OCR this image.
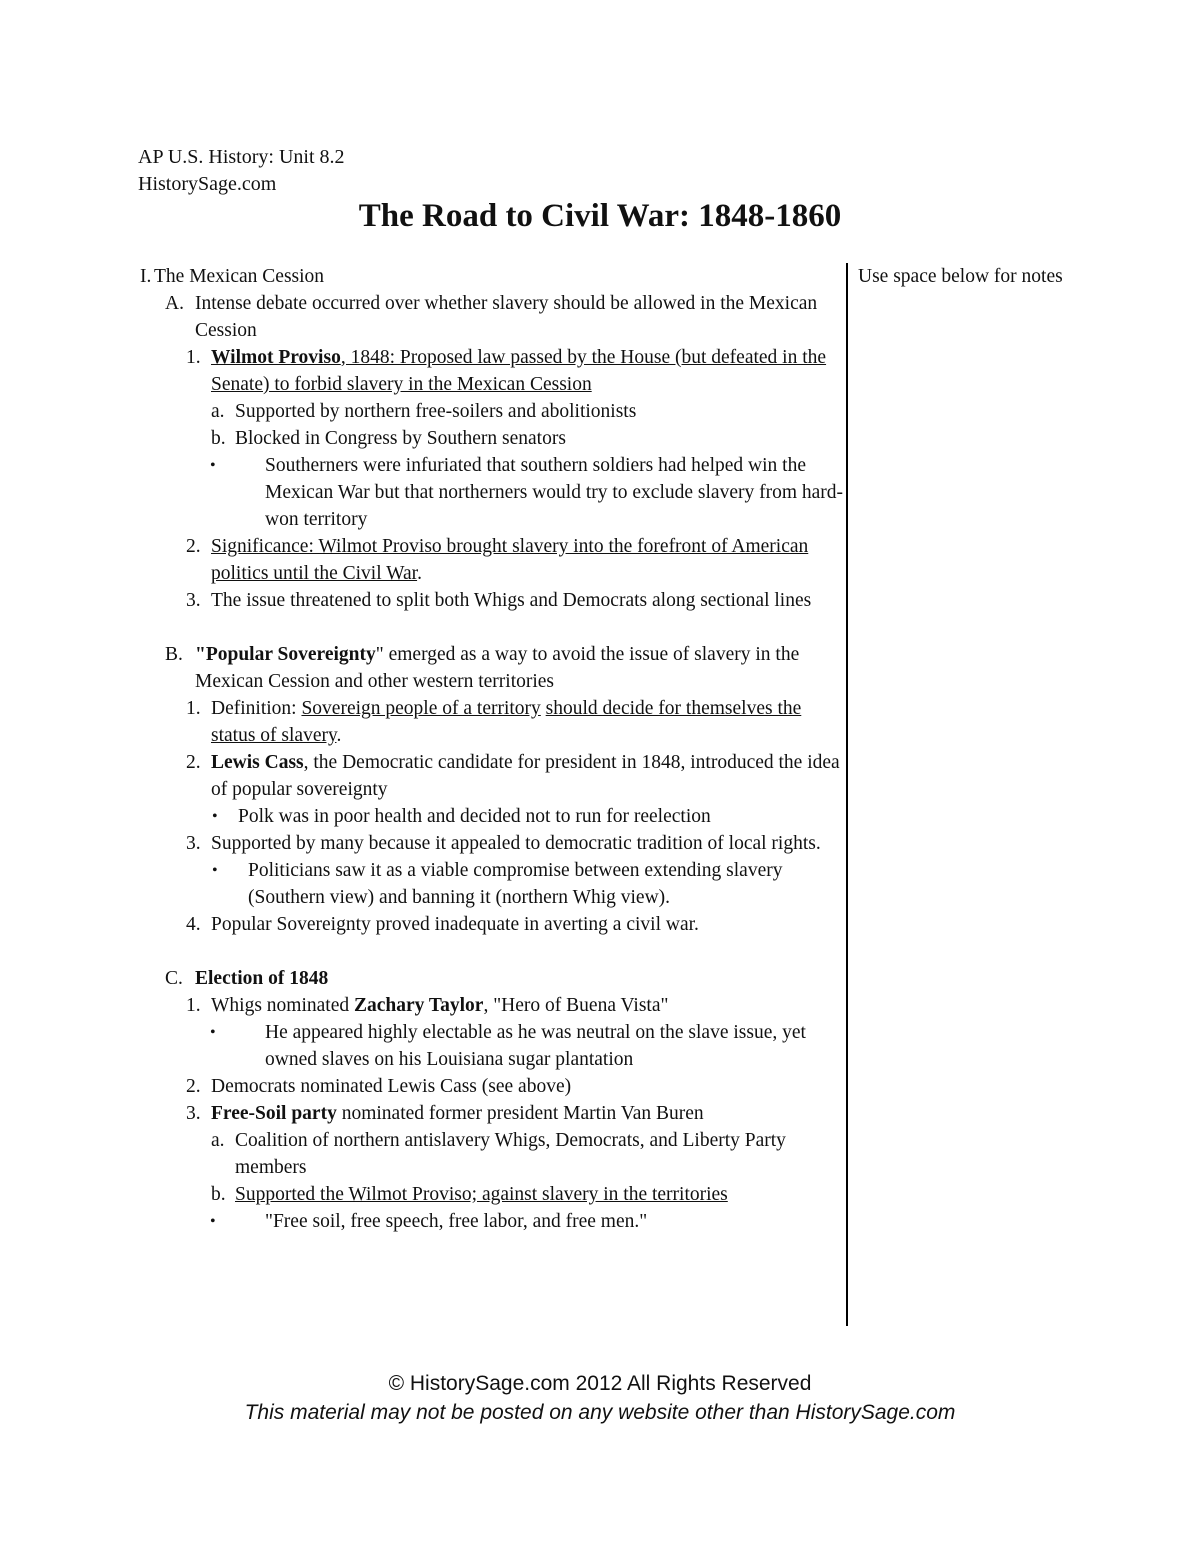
AP U.S. History: Unit 8.2
HistorySage.com
The Road to Civil War: 1848-1860
I. The Mexican Cession
A. Intense debate occurred over whether slavery should be allowed in the Mexican Cession
1. Wilmot Proviso, 1848: Proposed law passed by the House (but defeated in the Senate) to forbid slavery in the Mexican Cession
a. Supported by northern free-soilers and abolitionists
b. Blocked in Congress by Southern senators
•	Southerners were infuriated that southern soldiers had helped win the Mexican War but that northerners would try to exclude slavery from hard-won territory
2. Significance: Wilmot Proviso brought slavery into the forefront of American politics until the Civil War.
3. The issue threatened to split both Whigs and Democrats along sectional lines
B. "Popular Sovereignty" emerged as a way to avoid the issue of slavery in the Mexican Cession and other western territories
1. Definition: Sovereign people of a territory should decide for themselves the status of slavery.
2. Lewis Cass, the Democratic candidate for president in 1848, introduced the idea of popular sovereignty
• Polk was in poor health and decided not to run for reelection
3. Supported by many because it appealed to democratic tradition of local rights.
• Politicians saw it as a viable compromise between extending slavery (Southern view) and banning it (northern Whig view).
4. Popular Sovereignty proved inadequate in averting a civil war.
C. Election of 1848
1. Whigs nominated Zachary Taylor, "Hero of Buena Vista"
•	He appeared highly electable as he was neutral on the slave issue, yet owned slaves on his Louisiana sugar plantation
2. Democrats nominated Lewis Cass (see above)
3. Free-Soil party nominated former president Martin Van Buren
a. Coalition of northern antislavery Whigs, Democrats, and Liberty Party members
b. Supported the Wilmot Proviso; against slavery in the territories
•	"Free soil, free speech, free labor, and free men."
Use space below for notes
© HistorySage.com 2012 All Rights Reserved
This material may not be posted on any website other than HistorySage.com
